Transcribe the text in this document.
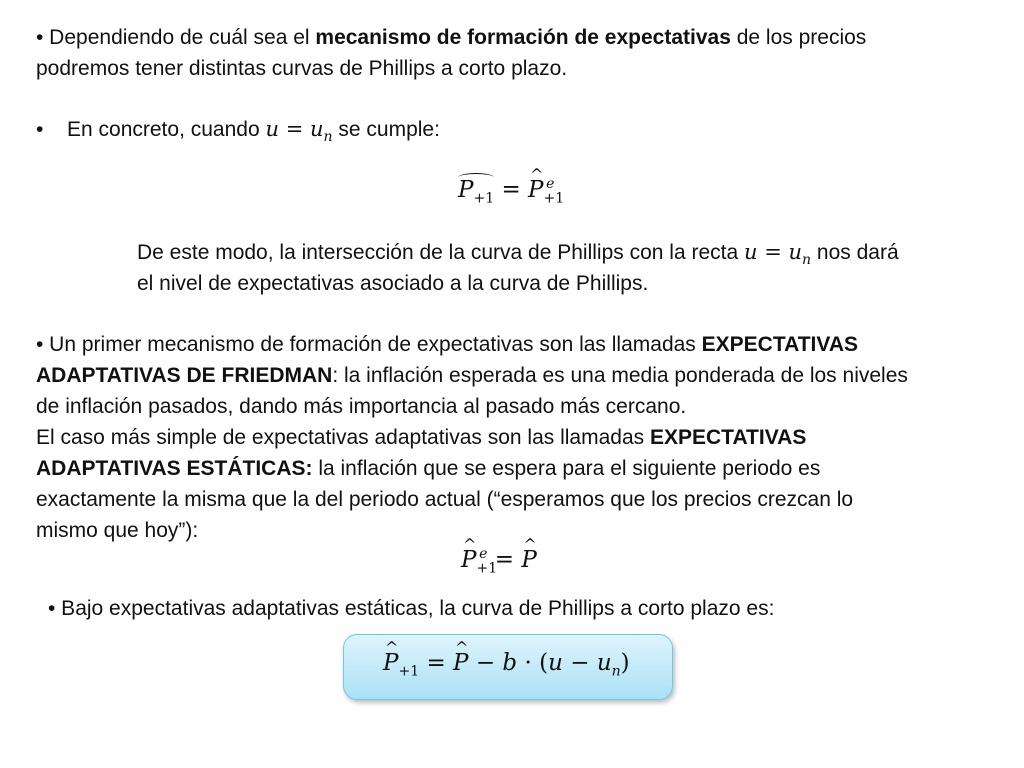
• Dependiendo de cuál sea el mecanismo de formación de expectativas de los precios
podremos tener distintas curvas de Phillips a corto plazo.
• En concreto, cuando $u = u_n$ se cumple:
$P_{+1} = P$ $\^{}_{+1}^e$
De este modo, la intersección de la curva de Phillips con la recta $u = u_n$ nos dará
el nivel de expectativas asociado a la curva de Phillips.
• Un primer mecanismo de formación de expectativas son las llamadas EXPECTATIVAS
ADAPTATIVAS DE FRIEDMAN: la inflación esperada es una media ponderada de los niveles
de inflación pasados, dando más importancia al pasado más cercano.
El caso más simple de expectativas adaptativas son las llamadas EXPECTATIVAS
ADAPTATIVAS ESTÁTICAS: la inflación que se espera para el siguiente periodo es
exactamente la misma que la del periodo actual (“esperamos que los precios crezcan lo
mismo que hoy”):
P $\^{}_{+1}^e = P$ ^
• Bajo expectativas adaptativas estáticas, la curva de Phillips a corto plazo es:
P $\^{}_{+1} = P$ ^ − $b \cdot (u - u_n)$
